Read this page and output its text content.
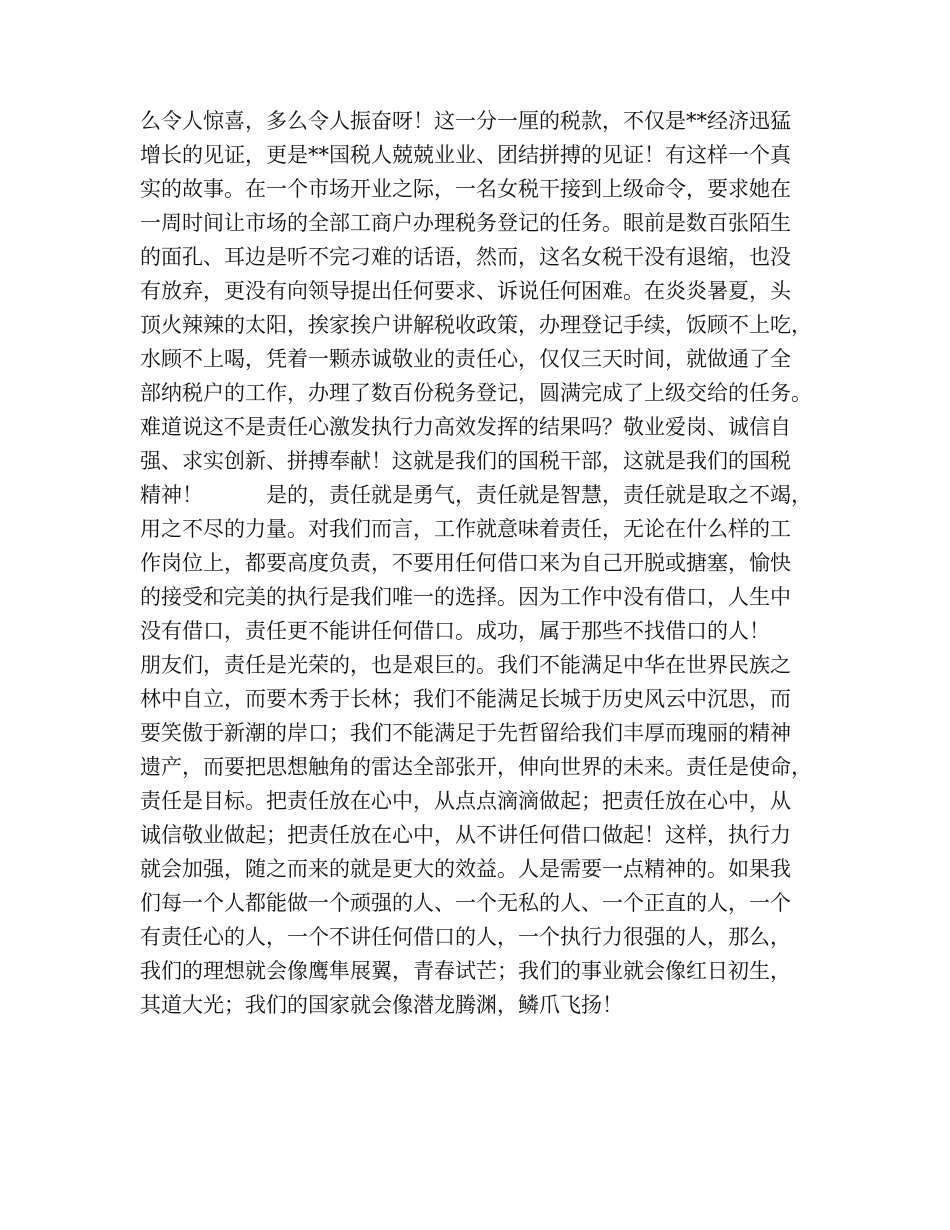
么令人惊喜，多么令人振奋呀！这一分一厘的税款，不仅是**经济迅猛
增长的见证，更是**国税人兢兢业业、团结拼搏的见证！有这样一个真
实的故事。在一个市场开业之际，一名女税干接到上级命令，要求她在
一周时间让市场的全部工商户办理税务登记的任务。眼前是数百张陌生
的面孔、耳边是听不完刁难的话语，然而，这名女税干没有退缩，也没
有放弃，更没有向领导提出任何要求、诉说任何困难。在炎炎暑夏，头
顶火辣辣的太阳，挨家挨户讲解税收政策，办理登记手续，饭顾不上吃，
水顾不上喝，凭着一颗赤诚敬业的责任心，仅仅三天时间，就做通了全
部纳税户的工作，办理了数百份税务登记，圆满完成了上级交给的任务。
难道说这不是责任心激发执行力高效发挥的结果吗？敬业爱岗、诚信自
强、求实创新、拼搏奉献！这就是我们的国税干部，这就是我们的国税
精神！　　　是的，责任就是勇气，责任就是智慧，责任就是取之不竭，
用之不尽的力量。对我们而言，工作就意味着责任，无论在什么样的工
作岗位上，都要高度负责，不要用任何借口来为自己开脱或搪塞，愉快
的接受和完美的执行是我们唯一的选择。因为工作中没有借口，人生中
没有借口，责任更不能讲任何借口。成功，属于那些不找借口的人！
朋友们，责任是光荣的，也是艰巨的。我们不能满足中华在世界民族之
林中自立，而要木秀于长林；我们不能满足长城于历史风云中沉思，而
要笑傲于新潮的岸口；我们不能满足于先哲留给我们丰厚而瑰丽的精神
遗产，而要把思想触角的雷达全部张开，伸向世界的未来。责任是使命，
责任是目标。把责任放在心中，从点点滴滴做起；把责任放在心中，从
诚信敬业做起；把责任放在心中，从不讲任何借口做起！这样，执行力
就会加强，随之而来的就是更大的效益。人是需要一点精神的。如果我
们每一个人都能做一个顽强的人、一个无私的人、一个正直的人，一个
有责任心的人，一个不讲任何借口的人，一个执行力很强的人，那么，
我们的理想就会像鹰隼展翼，青春试芒；我们的事业就会像红日初生，
其道大光；我们的国家就会像潜龙腾渊，鳞爪飞扬！
